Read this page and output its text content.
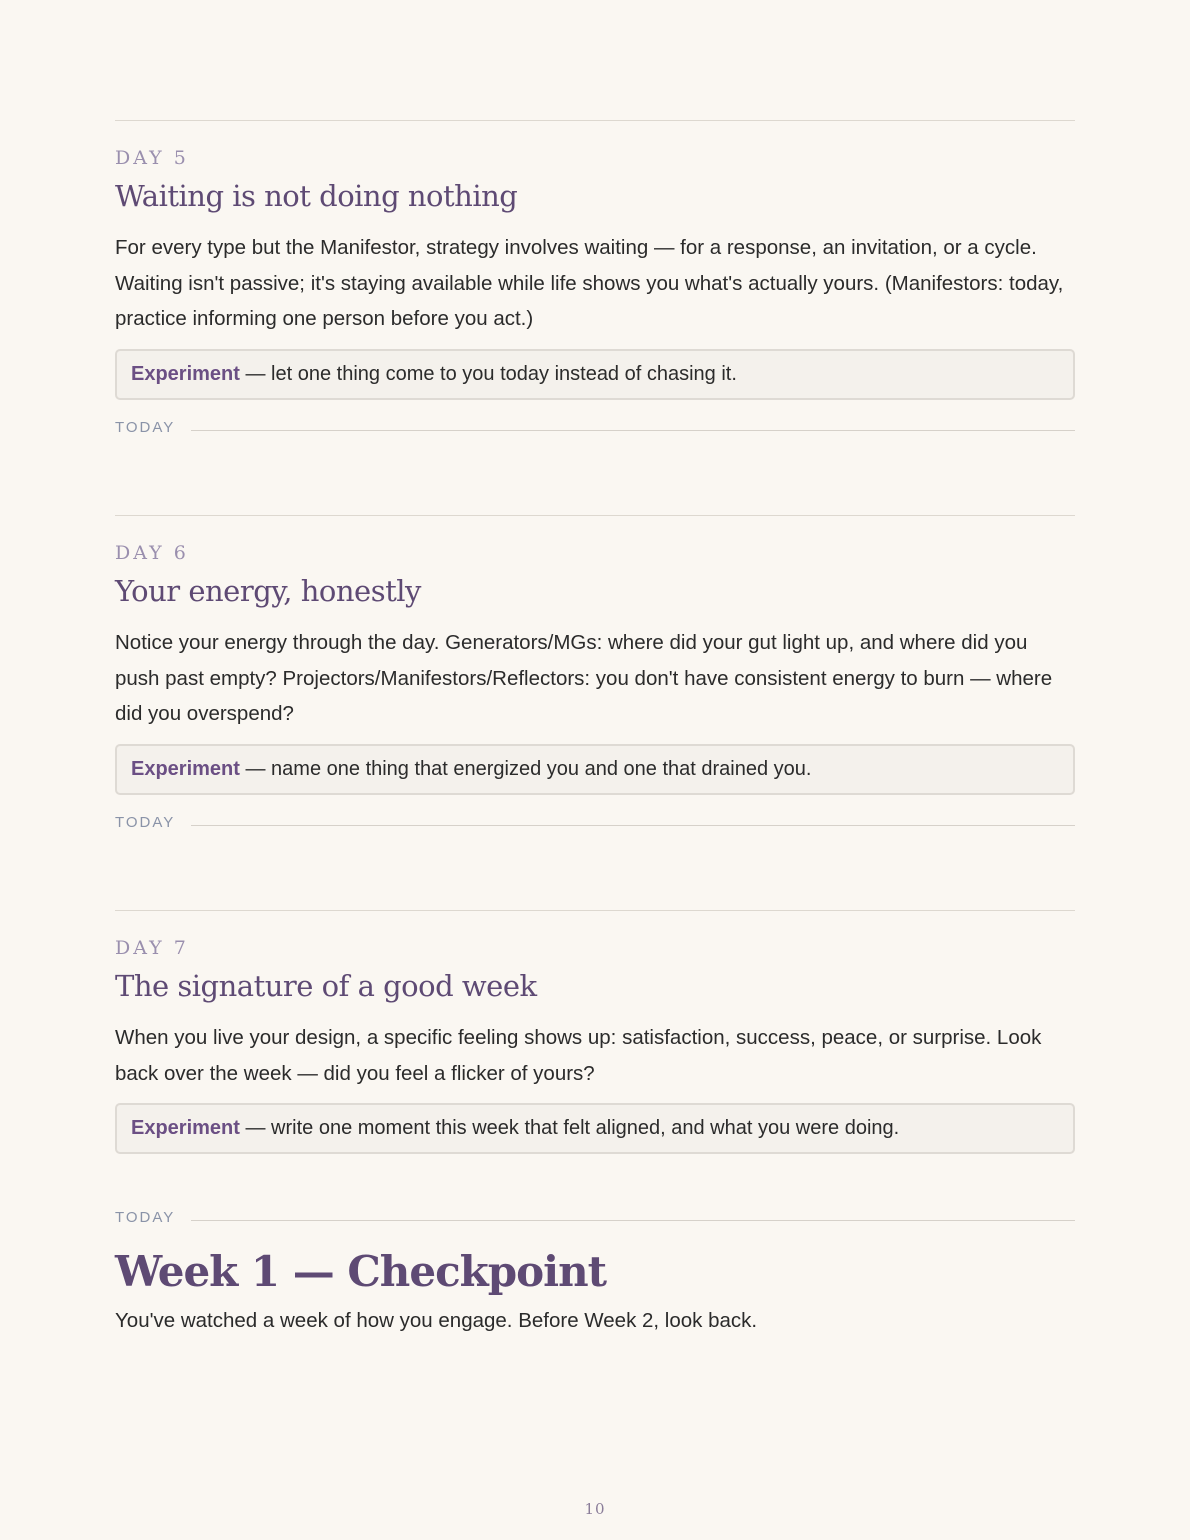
DAY 5
Waiting is not doing nothing
For every type but the Manifestor, strategy involves waiting — for a response, an invitation, or a cycle. Waiting isn't passive; it's staying available while life shows you what's actually yours. (Manifestors: today, practice informing one person before you act.)
Experiment — let one thing come to you today instead of chasing it.
TODAY
DAY 6
Your energy, honestly
Notice your energy through the day. Generators/MGs: where did your gut light up, and where did you push past empty? Projectors/Manifestors/Reflectors: you don't have consistent energy to burn — where did you overspend?
Experiment — name one thing that energized you and one that drained you.
TODAY
DAY 7
The signature of a good week
When you live your design, a specific feeling shows up: satisfaction, success, peace, or surprise. Look back over the week — did you feel a flicker of yours?
Experiment — write one moment this week that felt aligned, and what you were doing.
TODAY
Week 1 — Checkpoint
You've watched a week of how you engage. Before Week 2, look back.
10
